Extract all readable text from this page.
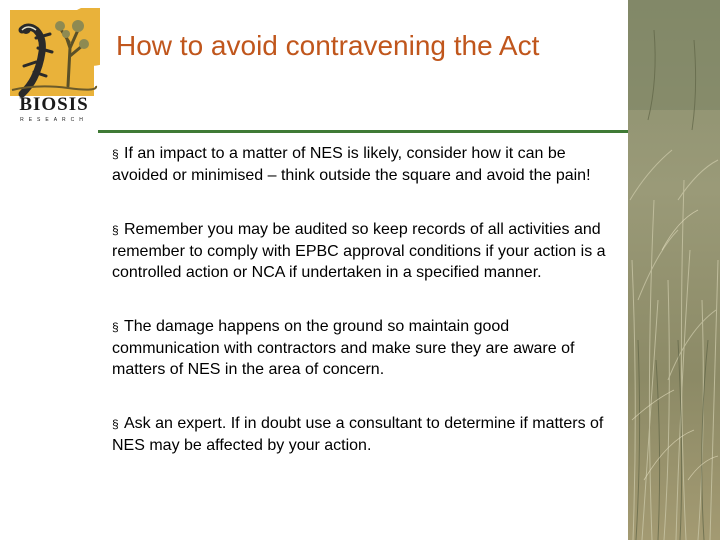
BIOSIS
RESEARCH
How to avoid contravening the Act

§ If an impact to a matter of NES is likely, consider how it can be avoided or minimised – think outside the square and avoid the pain!

§ Remember you may be audited so keep records of all activities and remember to comply with EPBC approval conditions if your action is a controlled action or NCA if undertaken in a specified manner.

§ The damage happens on the ground so maintain good communication with contractors and make sure they are aware of matters of NES in the area of concern.

§ Ask an expert. If in doubt use a consultant to determine if matters of NES may be affected by your action.
